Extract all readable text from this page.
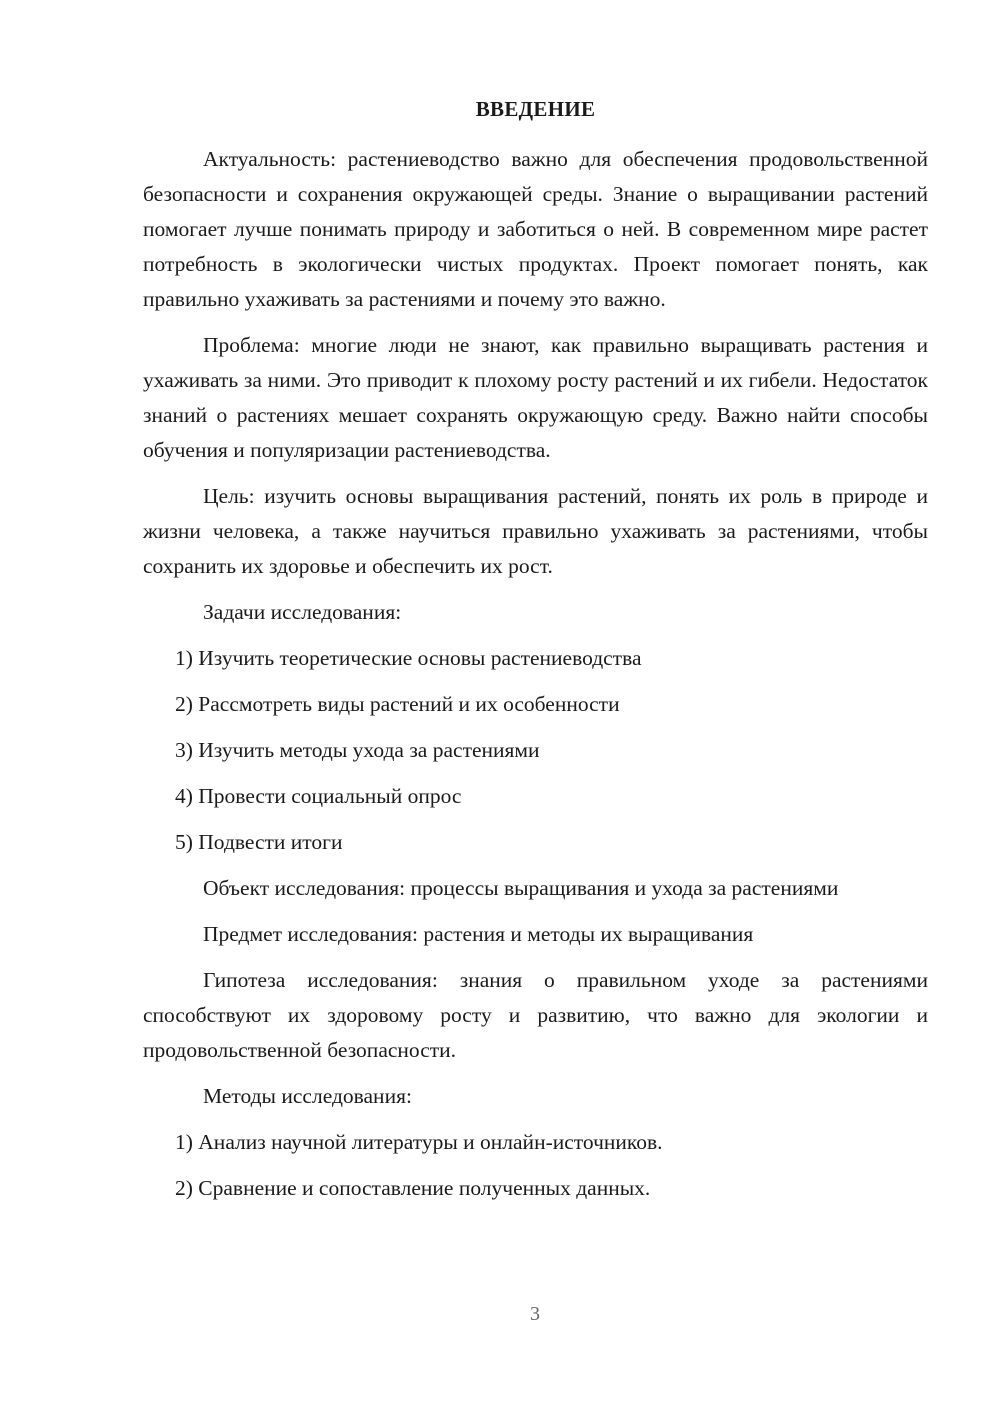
ВВЕДЕНИЕ

Актуальность: растениеводство важно для обеспечения продовольственной безопасности и сохранения окружающей среды. Знание о выращивании растений помогает лучше понимать природу и заботиться о ней. В современном мире растет потребность в экологически чистых продуктах. Проект помогает понять, как правильно ухаживать за растениями и почему это важно.

Проблема: многие люди не знают, как правильно выращивать растения и ухаживать за ними. Это приводит к плохому росту растений и их гибели. Недостаток знаний о растениях мешает сохранять окружающую среду. Важно найти способы обучения и популяризации растениеводства.

Цель: изучить основы выращивания растений, понять их роль в природе и жизни человека, а также научиться правильно ухаживать за растениями, чтобы сохранить их здоровье и обеспечить их рост.

Задачи исследования:

1) Изучить теоретические основы растениеводства

2) Рассмотреть виды растений и их особенности

3) Изучить методы ухода за растениями

4) Провести социальный опрос

5) Подвести итоги

Объект исследования: процессы выращивания и ухода за растениями

Предмет исследования: растения и методы их выращивания

Гипотеза исследования: знания о правильном уходе за растениями способствуют их здоровому росту и развитию, что важно для экологии и продовольственной безопасности.

Методы исследования:

1) Анализ научной литературы и онлайн-источников.

2) Сравнение и сопоставление полученных данных.

3
